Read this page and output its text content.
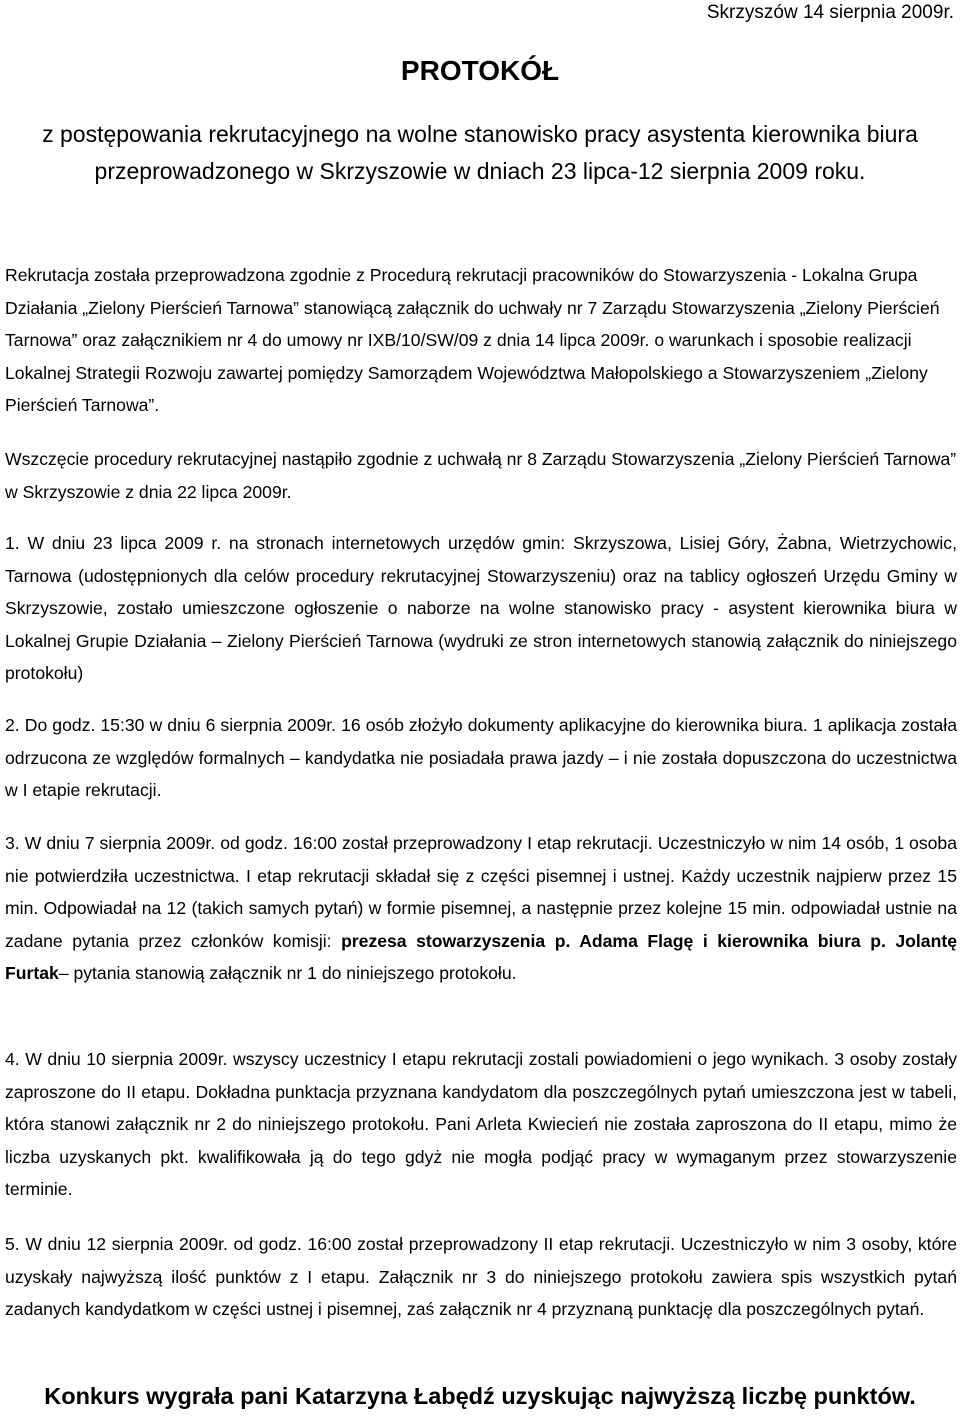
Skrzyszów 14 sierpnia 2009r.
PROTOKÓŁ
z postępowania rekrutacyjnego na wolne stanowisko pracy asystenta kierownika biura przeprowadzonego w Skrzyszowie w dniach 23 lipca-12 sierpnia 2009 roku.
Rekrutacja została przeprowadzona zgodnie z Procedurą rekrutacji pracowników do Stowarzyszenia - Lokalna Grupa Działania „Zielony Pierścień Tarnowa” stanowiącą załącznik do uchwały nr 7 Zarządu Stowarzyszenia „Zielony Pierścień Tarnowa” oraz załącznikiem nr 4 do umowy nr IXB/10/SW/09 z dnia 14 lipca 2009r. o warunkach i sposobie realizacji Lokalnej Strategii Rozwoju zawartej pomiędzy Samorządem Województwa Małopolskiego a Stowarzyszeniem „Zielony Pierścień Tarnowa”.
Wszczęcie procedury rekrutacyjnej nastąpiło zgodnie z uchwałą nr 8 Zarządu Stowarzyszenia „Zielony Pierścień Tarnowa” w Skrzyszowie z dnia 22 lipca 2009r.
1. W dniu 23 lipca 2009 r. na stronach internetowych urzędów gmin: Skrzyszowa, Lisiej Góry, Żabna, Wietrzychowic, Tarnowa (udostępnionych dla celów procedury rekrutacyjnej Stowarzyszeniu) oraz na tablicy ogłoszeń Urzędu Gminy w Skrzyszowie, zostało umieszczone ogłoszenie o naborze na wolne stanowisko pracy - asystent kierownika biura w Lokalnej Grupie Działania – Zielony Pierścień Tarnowa (wydruki ze stron internetowych stanowią załącznik do niniejszego protokołu)
2. Do godz. 15:30 w dniu 6 sierpnia 2009r. 16 osób złożyło dokumenty aplikacyjne do kierownika biura. 1 aplikacja została odrzucona ze względów formalnych – kandydatka nie posiadała prawa jazdy – i nie została dopuszczona do uczestnictwa w I etapie rekrutacji.
3. W dniu 7 sierpnia 2009r. od godz. 16:00 został przeprowadzony I etap rekrutacji. Uczestniczyło w nim 14 osób, 1 osoba nie potwierdziła uczestnictwa. I etap rekrutacji składał się z części pisemnej i ustnej. Każdy uczestnik najpierw przez 15 min. Odpowiadał na 12 (takich samych pytań) w formie pisemnej, a następnie przez kolejne 15 min. odpowiadał ustnie na zadane pytania przez członków komisji: prezesa stowarzyszenia p. Adama Flagę i kierownika biura p. Jolantę Furtak– pytania stanowią załącznik nr 1 do niniejszego protokołu.
4. W dniu 10 sierpnia 2009r. wszyscy uczestnicy I etapu rekrutacji zostali powiadomieni o jego wynikach. 3 osoby zostały zaproszone do II etapu. Dokładna punktacja przyznana kandydatom dla poszczególnych pytań umieszczona jest w tabeli, która stanowi załącznik nr 2 do niniejszego protokołu. Pani Arleta Kwiecień nie została zaproszona do II etapu, mimo że liczba uzyskanych pkt. kwalifikowała ją do tego gdyż nie mogła podjąć pracy w wymaganym przez stowarzyszenie terminie.
5. W dniu 12 sierpnia 2009r. od godz. 16:00 został przeprowadzony II etap rekrutacji. Uczestniczyło w nim 3 osoby, które uzyskały najwyższą ilość punktów z I etapu. Załącznik nr 3 do niniejszego protokołu zawiera spis wszystkich pytań zadanych kandydatkom w części ustnej i pisemnej, zaś załącznik nr 4 przyznaną punktację dla poszczególnych pytań.
Konkurs wygrała pani Katarzyna Łabędź uzyskując najwyższą liczbę punktów.
